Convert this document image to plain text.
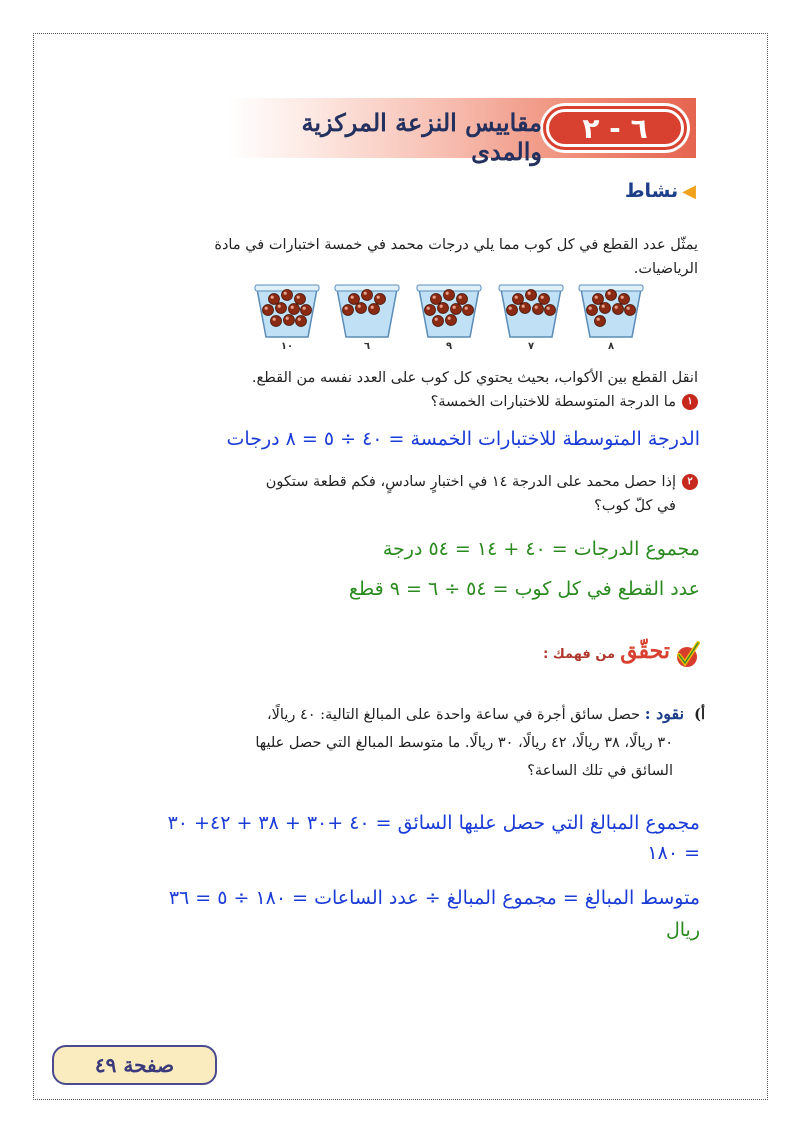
٦ - ٢
مقاييس النزعة المركزية والمدى
◀نشاط
يمثّل عدد القطع في كل كوب مما يلي درجات محمد في خمسة اختبارات في مادة
الرياضيات.
٨
٧
٩
٦
١٠
انقل القطع بين الأكواب، بحيث يحتوي كل كوب على العدد نفسه من القطع.
١ما الدرجة المتوسطة للاختبارات الخمسة؟
الدرجة المتوسطة للاختبارات الخمسة = ٤٠ ÷ ٥ = ٨ درجات
٢إذا حصل محمد على الدرجة ١٤ في اختبارٍ سادسٍ، فكم قطعة ستكون
في كلّ كوب؟
مجموع الدرجات = ٤٠ + ١٤ = ٥٤ درجة
عدد القطع في كل كوب = ٥٤ ÷ ٦ = ٩ قطع
تحقّق من فهمك :
أ)نقود : حصل سائق أجرة في ساعة واحدة على المبالغ التالية: ٤٠ ريالًا،
٣٠ ريالًا، ٣٨ ريالًا، ٤٢ ريالًا، ٣٠ ريالًا. ما متوسط المبالغ التي حصل عليها
السائق في تلك الساعة؟
مجموع المبالغ التي حصل عليها السائق = ٤٠ +٣٠ + ٣٨ + ٤٢+ ٣٠
= ١٨٠
متوسط المبالغ = مجموع المبالغ ÷ عدد الساعات = ١٨٠ ÷ ٥ = ٣٦
ريال
صفحة ٤٩
